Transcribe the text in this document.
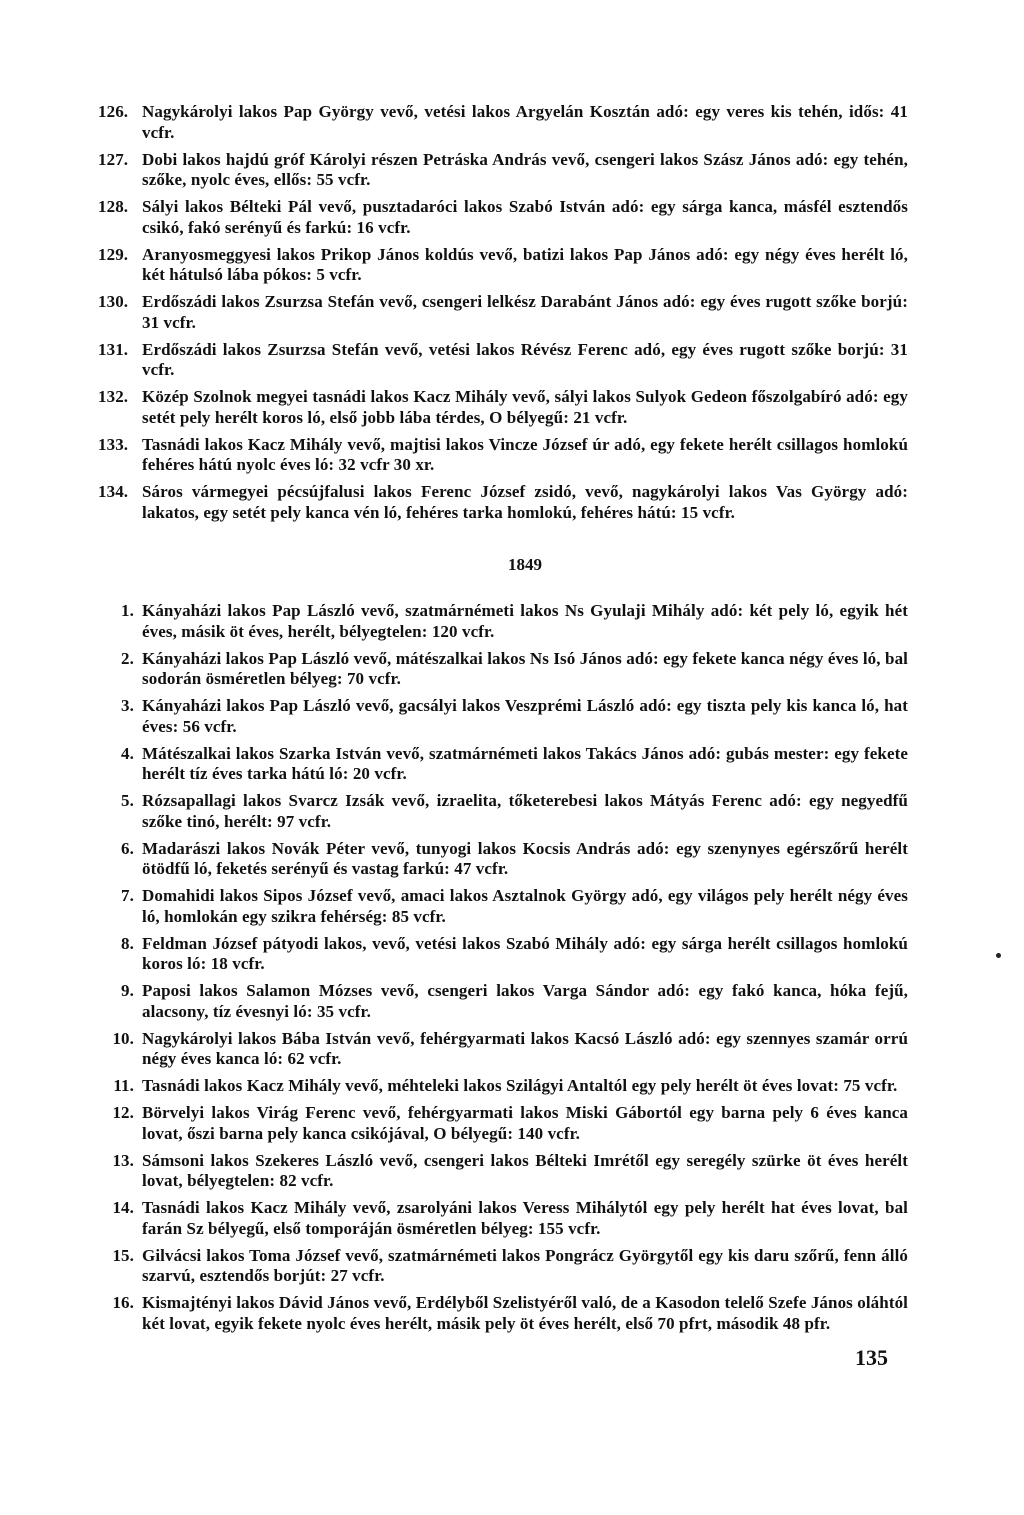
126. Nagykárolyi lakos Pap György vevő, vetési lakos Argyelán Kosztán adó: egy veres kis tehén, idős: 41 vcfr.
127. Dobi lakos hajdú gróf Károlyi részen Petráska András vevő, csengeri lakos Szász János adó: egy tehén, szőke, nyolc éves, ellős: 55 vcfr.
128. Sályi lakos Bélteki Pál vevő, pusztadaróci lakos Szabó István adó: egy sárga kanca, másfél esztendős csikó, fakó serényű és farkú: 16 vcfr.
129. Aranyosmeggyesi lakos Prikop János koldús vevő, batizi lakos Pap János adó: egy négy éves herélt ló, két hátulsó lába pókos: 5 vcfr.
130. Erdőszádi lakos Zsurzsa Stefán vevő, csengeri lelkész Darabánt János adó: egy éves rugott szőke borjú: 31 vcfr.
131. Erdőszádi lakos Zsurzsa Stefán vevő, vetési lakos Révész Ferenc adó, egy éves rugott szőke borjú: 31 vcfr.
132. Közép Szolnok megyei tasnádi lakos Kacz Mihály vevő, sályi lakos Sulyok Gedeon főszolgabíró adó: egy setét pely herélt koros ló, első jobb lába térdes, O bélyegű: 21 vcfr.
133. Tasnádi lakos Kacz Mihály vevő, majtisi lakos Vincze József úr adó, egy fekete herélt csillagos homlokú fehéres hátú nyolc éves ló: 32 vcfr 30 xr.
134. Sáros vármegyei pécsújfalusi lakos Ferenc József zsidó, vevő, nagykárolyi lakos Vas György adó: lakatos, egy setét pely kanca vén ló, fehéres tarka homlokú, fehéres hátú: 15 vcfr.
1849
1. Kányaházi lakos Pap László vevő, szatmárnémeti lakos Ns Gyulaji Mihály adó: két pely ló, egyik hét éves, másik öt éves, herélt, bélyegtelen: 120 vcfr.
2. Kányaházi lakos Pap László vevő, mátészalkai lakos Ns Isó János adó: egy fekete kanca négy éves ló, bal sodorán ösméretlen bélyeg: 70 vcfr.
3. Kányaházi lakos Pap László vevő, gacsályi lakos Veszprémi László adó: egy tiszta pely kis kanca ló, hat éves: 56 vcfr.
4. Mátészalkai lakos Szarka István vevő, szatmárnémeti lakos Takács János adó: gubás mester: egy fekete herélt tíz éves tarka hátú ló: 20 vcfr.
5. Rózsapallagi lakos Svarcz Izsák vevő, izraelita, tőketerebesi lakos Mátyás Ferenc adó: egy negyedfű szőke tinó, herélt: 97 vcfr.
6. Madarászi lakos Novák Péter vevő, tunyogi lakos Kocsis András adó: egy szenynyes egérszőrű herélt ötödfű ló, feketés serényű és vastag farkú: 47 vcfr.
7. Domahidi lakos Sipos József vevő, amaci lakos Asztalnok György adó, egy világos pely herélt négy éves ló, homlokán egy szikra fehérség: 85 vcfr.
8. Feldman József pátyodi lakos, vevő, vetési lakos Szabó Mihály adó: egy sárga herélt csillagos homlokú koros ló: 18 vcfr.
9. Paposi lakos Salamon Mózses vevő, csengeri lakos Varga Sándor adó: egy fakó kanca, hóka fejű, alacsony, tíz évesnyi ló: 35 vcfr.
10. Nagykárolyi lakos Bába István vevő, fehérgyarmati lakos Kacsó László adó: egy szennyes szamár orrú négy éves kanca ló: 62 vcfr.
11. Tasnádi lakos Kacz Mihály vevő, méhteleki lakos Szilágyi Antaltól egy pely herélt öt éves lovat: 75 vcfr.
12. Börvelyi lakos Virág Ferenc vevő, fehérgyarmati lakos Miski Gábortól egy barna pely 6 éves kanca lovat, őszi barna pely kanca csikójával, O bélyegű: 140 vcfr.
13. Sámsoni lakos Szekeres László vevő, csengeri lakos Bélteki Imrétől egy seregély szürke öt éves herélt lovat, bélyegtelen: 82 vcfr.
14. Tasnádi lakos Kacz Mihály vevő, zsarolyáni lakos Veress Mihálytól egy pely herélt hat éves lovat, bal farán Sz bélyegű, első tomporáján ösméretlen bélyeg: 155 vcfr.
15. Gilvácsi lakos Toma József vevő, szatmárnémeti lakos Pongrácz Györgytől egy kis daru szőrű, fenn álló szarvú, esztendős borjút: 27 vcfr.
16. Kismajtényi lakos Dávid János vevő, Erdélyből Szelistyéről való, de a Kasodon telelő Szefe János oláhtól két lovat, egyik fekete nyolc éves herélt, másik pely öt éves herélt, első 70 pfrt, második 48 pfr.
135
